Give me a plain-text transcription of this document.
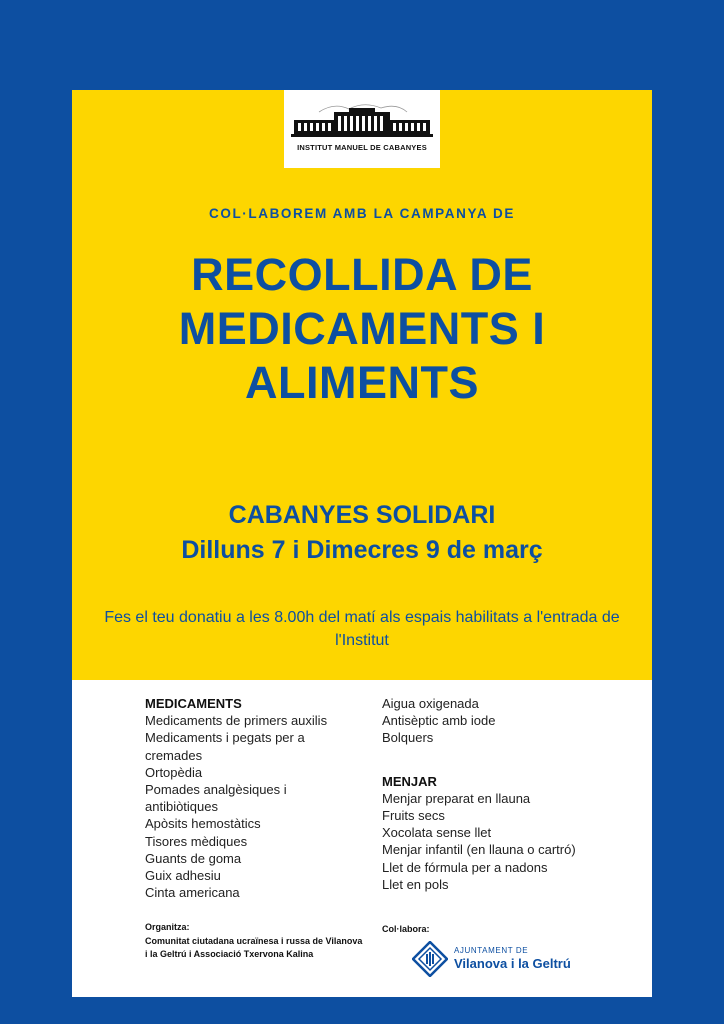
INSTITUT MANUEL DE CABANYES
COL·LABOREM AMB LA CAMPANYA DE
RECOLLIDA DE
MEDICAMENTS I
ALIMENTS
CABANYES SOLIDARI
Dilluns 7 i Dimecres 9 de març
Fes el teu donatiu a les 8.00h del matí als espais habilitats a l'entrada de l'Institut
MEDICAMENTS
Medicaments de primers auxilis
Medicaments i pegats per a cremades
Ortopèdia
Pomades analgèsiques i antibiòtiques
Apòsits hemostàtics
Tisores mèdiques
Guants de goma
Guix adhesiu
Cinta americana
Aigua oxigenada
Antisèptic amb iode
Bolquers
MENJAR
Menjar preparat en llauna
Fruits secs
Xocolata sense llet
Menjar infantil (en llauna o cartró)
Llet de fórmula per a nadons
Llet en pols
Organitza:
Comunitat ciutadana ucraïnesa i russa de Vilanova i la Geltrú i Associació Txervona Kalina
Col·labora:
AJUNTAMENT DE
Vilanova i la Geltrú
